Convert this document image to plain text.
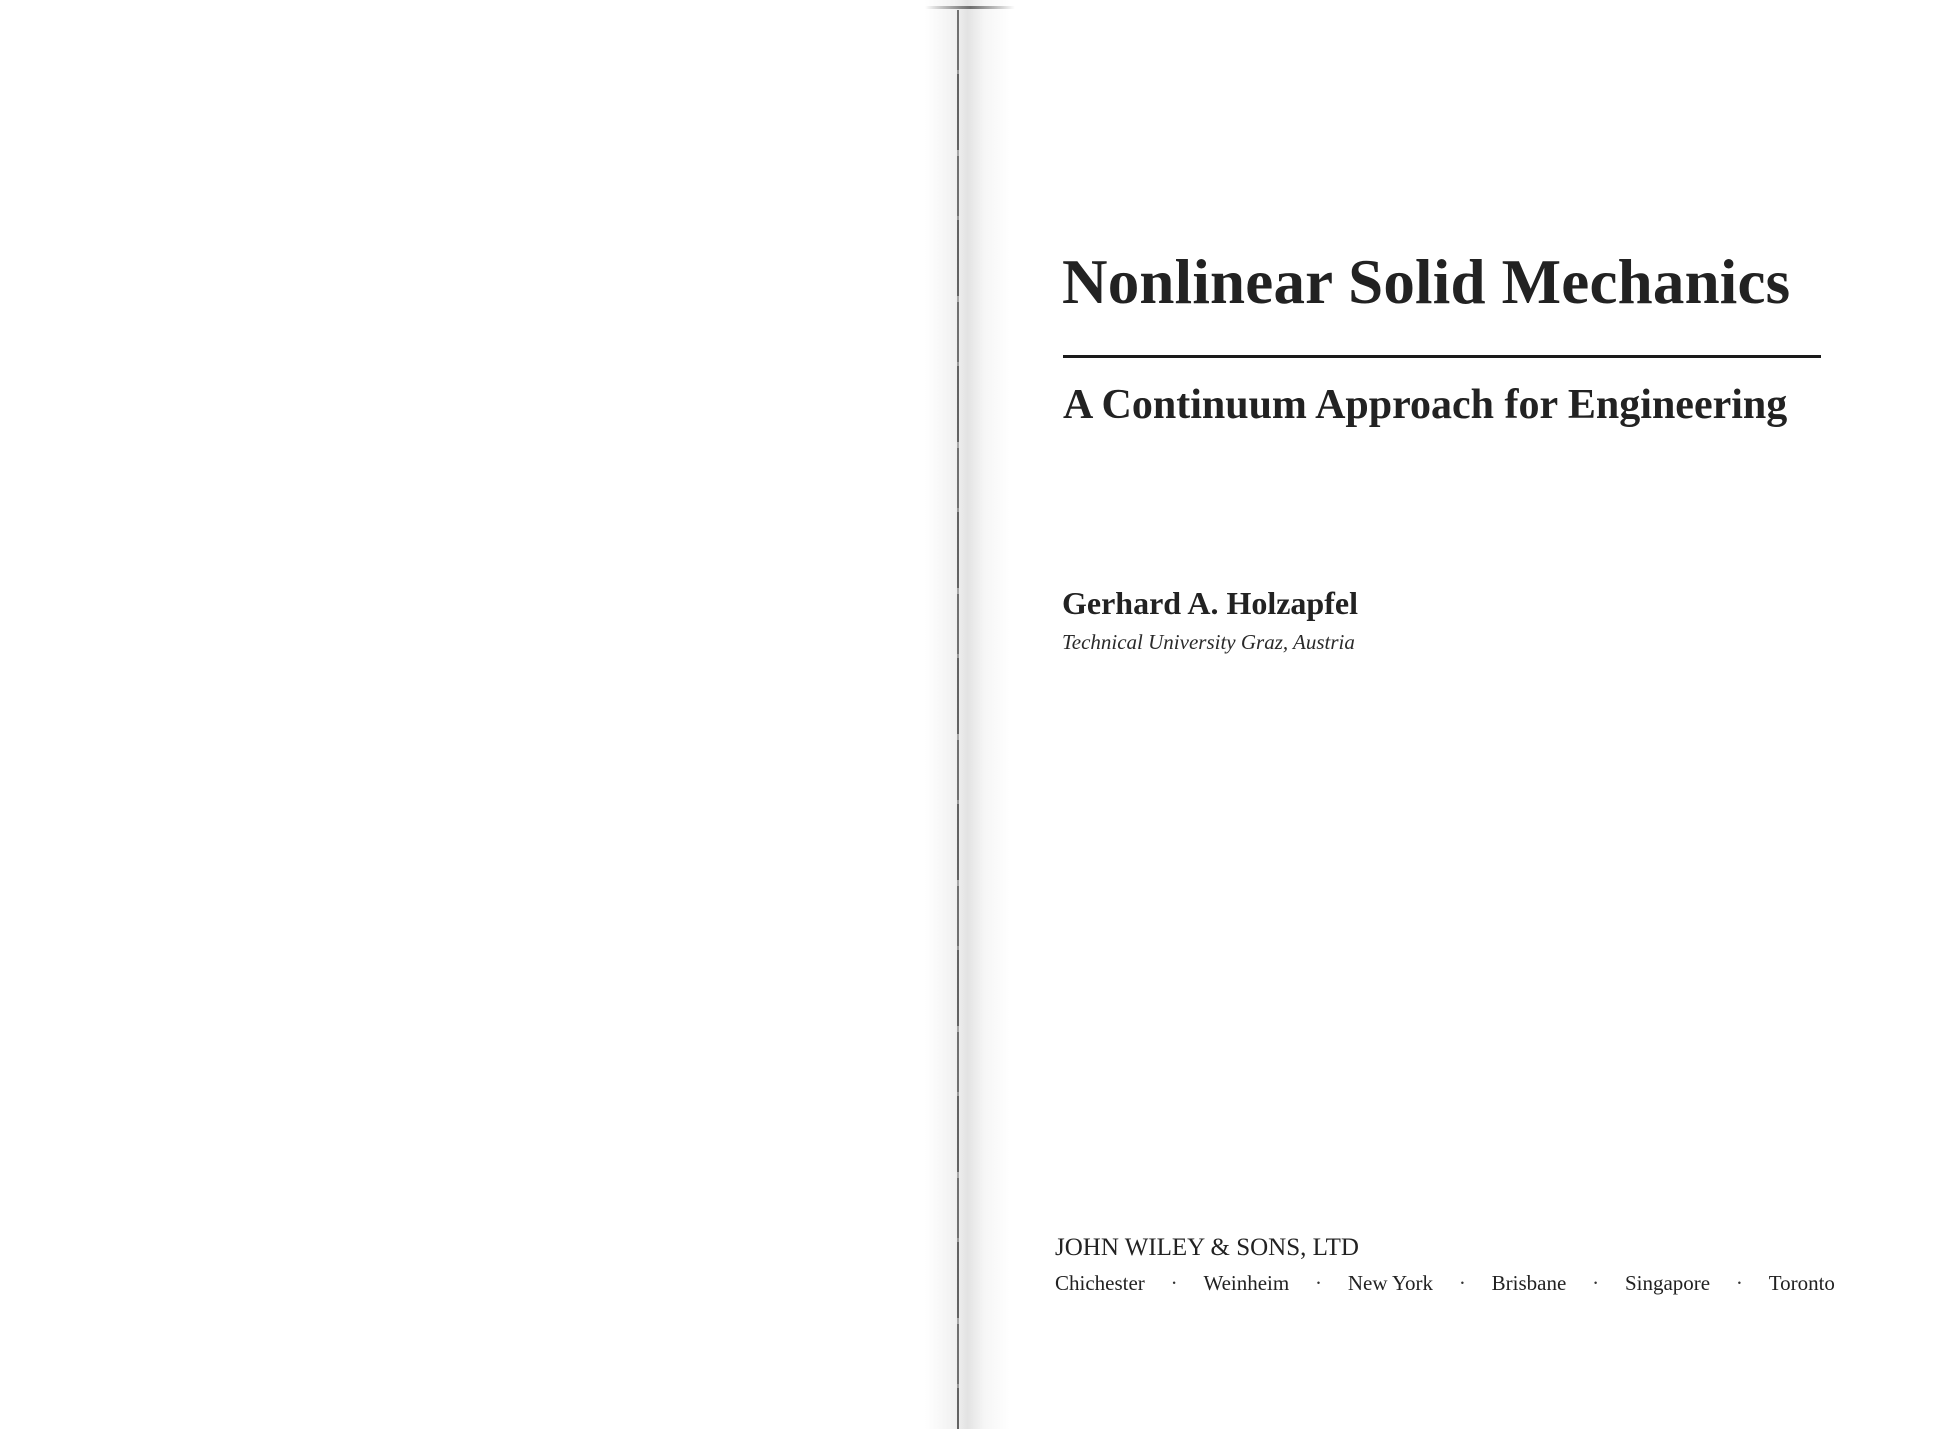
Nonlinear Solid Mechanics
A Continuum Approach for Engineering
Gerhard A. Holzapfel
Technical University Graz, Austria
JOHN WILEY & SONS, LTD
Chichester · Weinheim · New York · Brisbane · Singapore · Toronto
